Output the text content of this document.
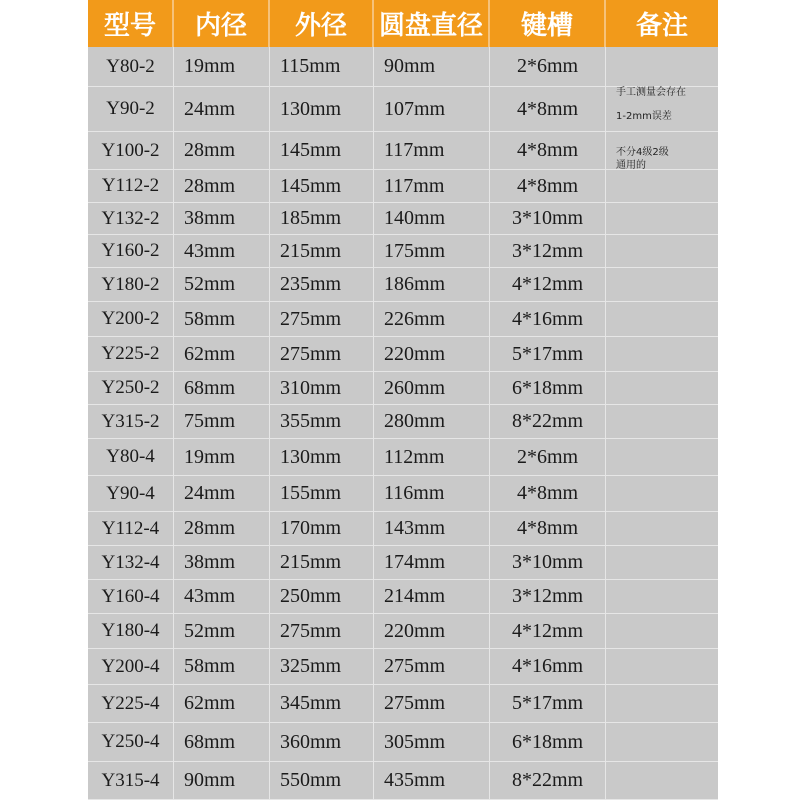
型号	内径	外径	圆盘直径	键槽	备注
Y80-2	19mm	115mm	90mm	2*6mm
Y90-2	24mm	130mm	107mm	4*8mm
Y100-2	28mm	145mm	117mm	4*8mm
Y112-2	28mm	145mm	117mm	4*8mm
Y132-2	38mm	185mm	140mm	3*10mm
Y160-2	43mm	215mm	175mm	3*12mm
Y180-2	52mm	235mm	186mm	4*12mm
Y200-2	58mm	275mm	226mm	4*16mm
Y225-2	62mm	275mm	220mm	5*17mm
Y250-2	68mm	310mm	260mm	6*18mm
Y315-2	75mm	355mm	280mm	8*22mm
Y80-4	19mm	130mm	112mm	2*6mm
Y90-4	24mm	155mm	116mm	4*8mm
Y112-4	28mm	170mm	143mm	4*8mm
Y132-4	38mm	215mm	174mm	3*10mm
Y160-4	43mm	250mm	214mm	3*12mm
Y180-4	52mm	275mm	220mm	4*12mm
Y200-4	58mm	325mm	275mm	4*16mm
Y225-4	62mm	345mm	275mm	5*17mm
Y250-4	68mm	360mm	305mm	6*18mm
Y315-4	90mm	550mm	435mm	8*22mm
手工测量会存在
1-2mm误差
不分4级2级
通用的
